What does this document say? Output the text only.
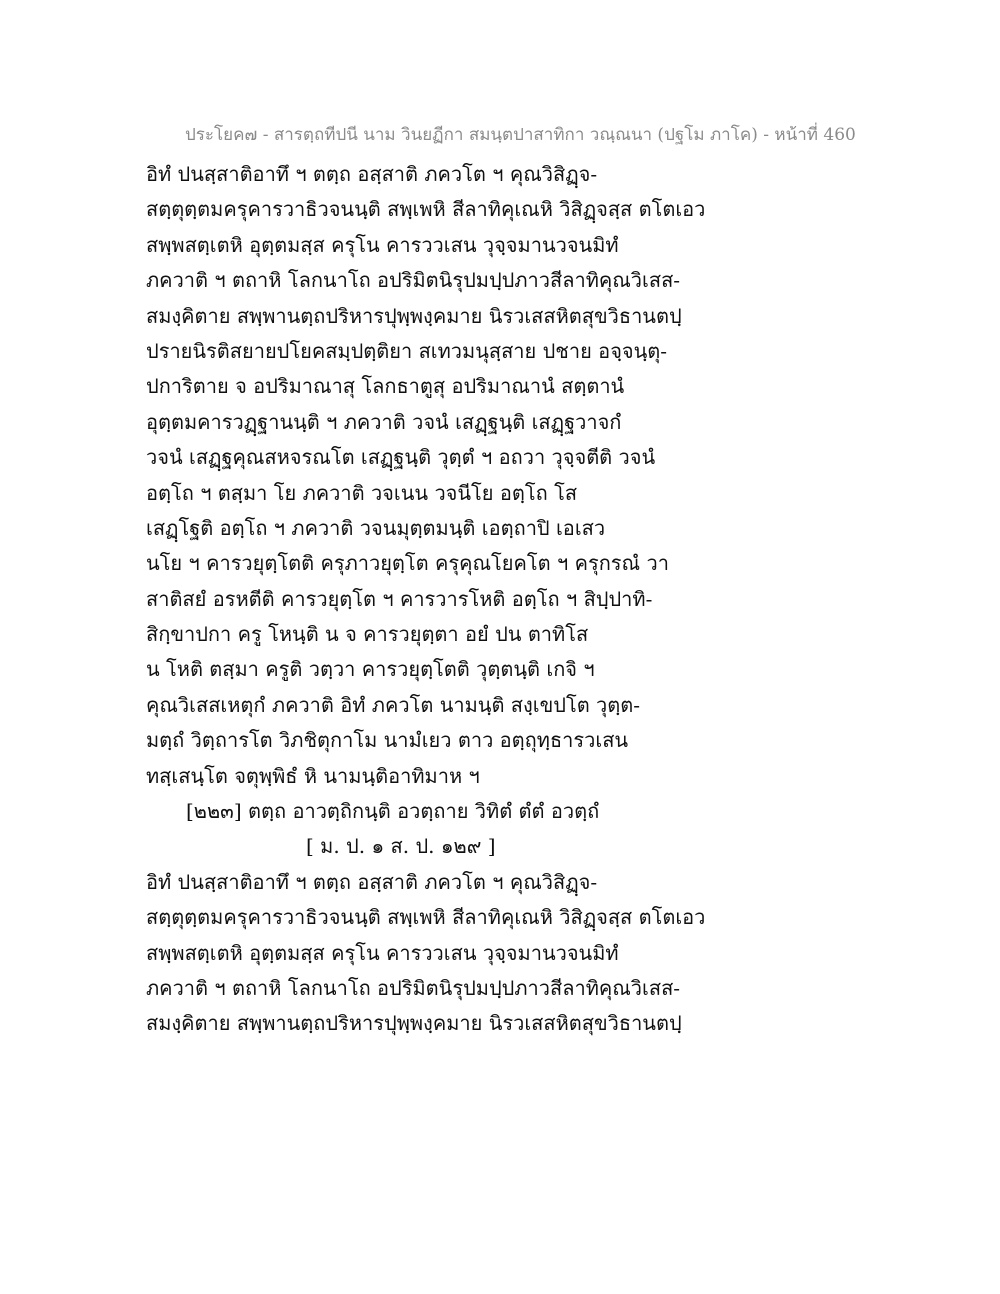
ประโยค๗ - สารตฺถทีปนี นาม วินยฏีกา สมนฺตปาสาทิกา วณฺณนา (ปฐโม ภาโค) - หน้าที่ 460
อิทํ ปนสฺสาติอาทึ ฯ ตตฺถ อสฺสาติ ภควโต ฯ คุณวิสิฏฺจ-
สตฺตุตฺตมครุคารวาธิวจนนฺติ สพฺเพหิ สีลาทิคุเณหิ วิสิฏฺจสฺส ตโตเอว
สพฺพสตฺเตหิ อุตฺตมสฺส ครุโน คารววเสน วุจฺจมานวจนมิทํ
ภควาติ ฯ ตถาหิ โลกนาโถ อปริมิตนิรุปมปฺปภาวสีลาทิคุณวิเสส-
สมงฺคิตาย สพฺพานตฺถปริหารปุพฺพงฺคมาย นิรวเสสหิตสุขวิธานตปฺ
ปรายนิรติสยายปโยคสมฺปตฺติยา สเทวมนุสฺสาย ปชาย อจฺจนฺตุ-
ปการิตาย จ อปริมาณาสุ โลกธาตูสุ อปริมาณานํ สตฺตานํ
อุตฺตมคารวฏฺฐานนฺติ ฯ ภควาติ วจนํ เสฏฺฐนฺติ เสฏฺฐวาจกํ
วจนํ เสฏฺฐคุณสหจรณโต เสฏฺฐนฺติ วุตฺตํ ฯ อถวา วุจฺจตีติ วจนํ
อตฺโถ ฯ ตสฺมา โย ภควาติ วจเนน วจนีโย อตฺโถ โส
เสฏฺโฐติ อตฺโถ ฯ ภควาติ วจนมุตฺตมนฺติ เอตฺถาปิ เอเสว
นโย ฯ คารวยุตฺโตติ ครุภาวยุตฺโต ครุคุณโยคโต ฯ ครุกรณํ วา
สาติสยํ อรหตีติ คารวยุตฺโต ฯ คารวารโหติ อตฺโถ ฯ สิปฺปาทิ-
สิกฺขาปกา ครู โหนฺติ น จ คารวยุตฺตา อยํ ปน ตาทิโส
น โหติ ตสฺมา ครูติ วตฺวา คารวยุตฺโตติ วุตฺตนฺติ เกจิ ฯ
คุณวิเสสเหตุกํ ภควาติ อิทํ ภควโต นามนฺติ สงฺเขปโต วุตฺต-
มตฺถํ วิตฺถารโต วิภชิตุกาโม นามํเยว ตาว อตฺถุทฺธารวเสน
ทสฺเสนฺโต จตุพฺพิธํ หิ นามนฺติอาทิมาห ฯ
[๒๒๓] ตตฺถ อาวตฺถิกนฺติ อวตฺถาย วิทิตํ ตํตํ อวตฺถํ
[ ม. ป. ๑ ส. ป. ๑๒๙ ]
อิทํ ปนสฺสาติอาทึ ฯ ตตฺถ อสฺสาติ ภควโต ฯ คุณวิสิฏฺจ-
สตฺตุตฺตมครุคารวาธิวจนนฺติ สพฺเพหิ สีลาทิคุเณหิ วิสิฏฺจสฺส ตโตเอว
สพฺพสตฺเตหิ อุตฺตมสฺส ครุโน คารววเสน วุจฺจมานวจนมิทํ
ภควาติ ฯ ตถาหิ โลกนาโถ อปริมิตนิรุปมปฺปภาวสีลาทิคุณวิเสส-
สมงฺคิตาย สพฺพานตฺถปริหารปุพฺพงฺคมาย นิรวเสสหิตสุขวิธานตปฺ
